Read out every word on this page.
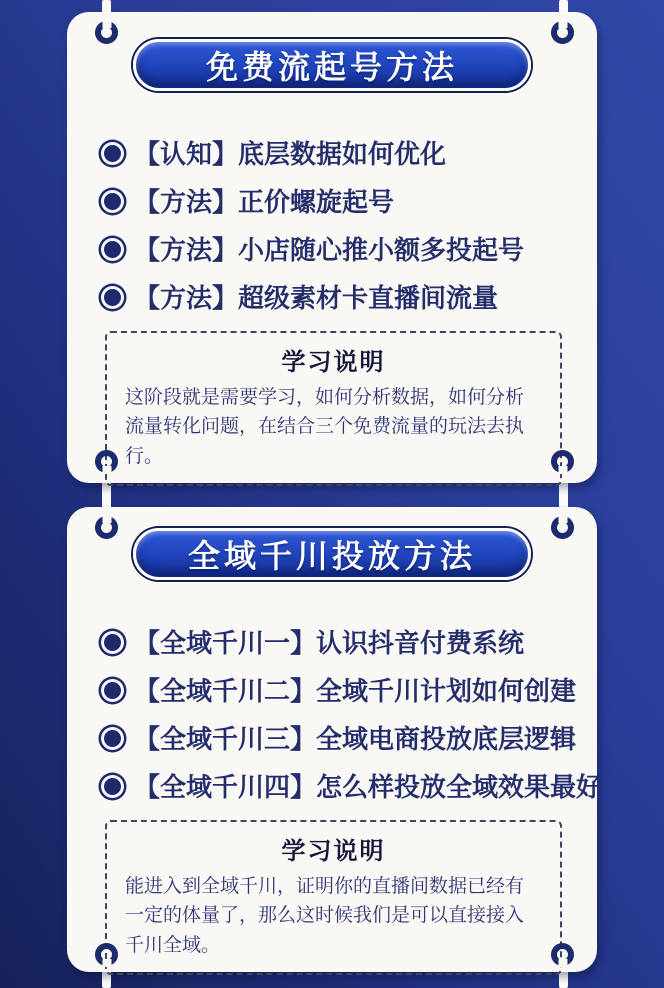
免费流起号方法
【认知】底层数据如何优化
【方法】正价螺旋起号
【方法】小店随心推小额多投起号
【方法】超级素材卡直播间流量
学习说明

这阶段就是需要学习，如何分析数据，如何分析流量转化问题，在结合三个免费流量的玩法去执行。

全域千川投放方法
【全域千川一】认识抖音付费系统
【全域千川二】全域千川计划如何创建
【全域千川三】全域电商投放底层逻辑
【全域千川四】怎么样投放全域效果最好
学习说明

能进入到全域千川，证明你的直播间数据已经有一定的体量了，那么这时候我们是可以直接接入千川全域。
